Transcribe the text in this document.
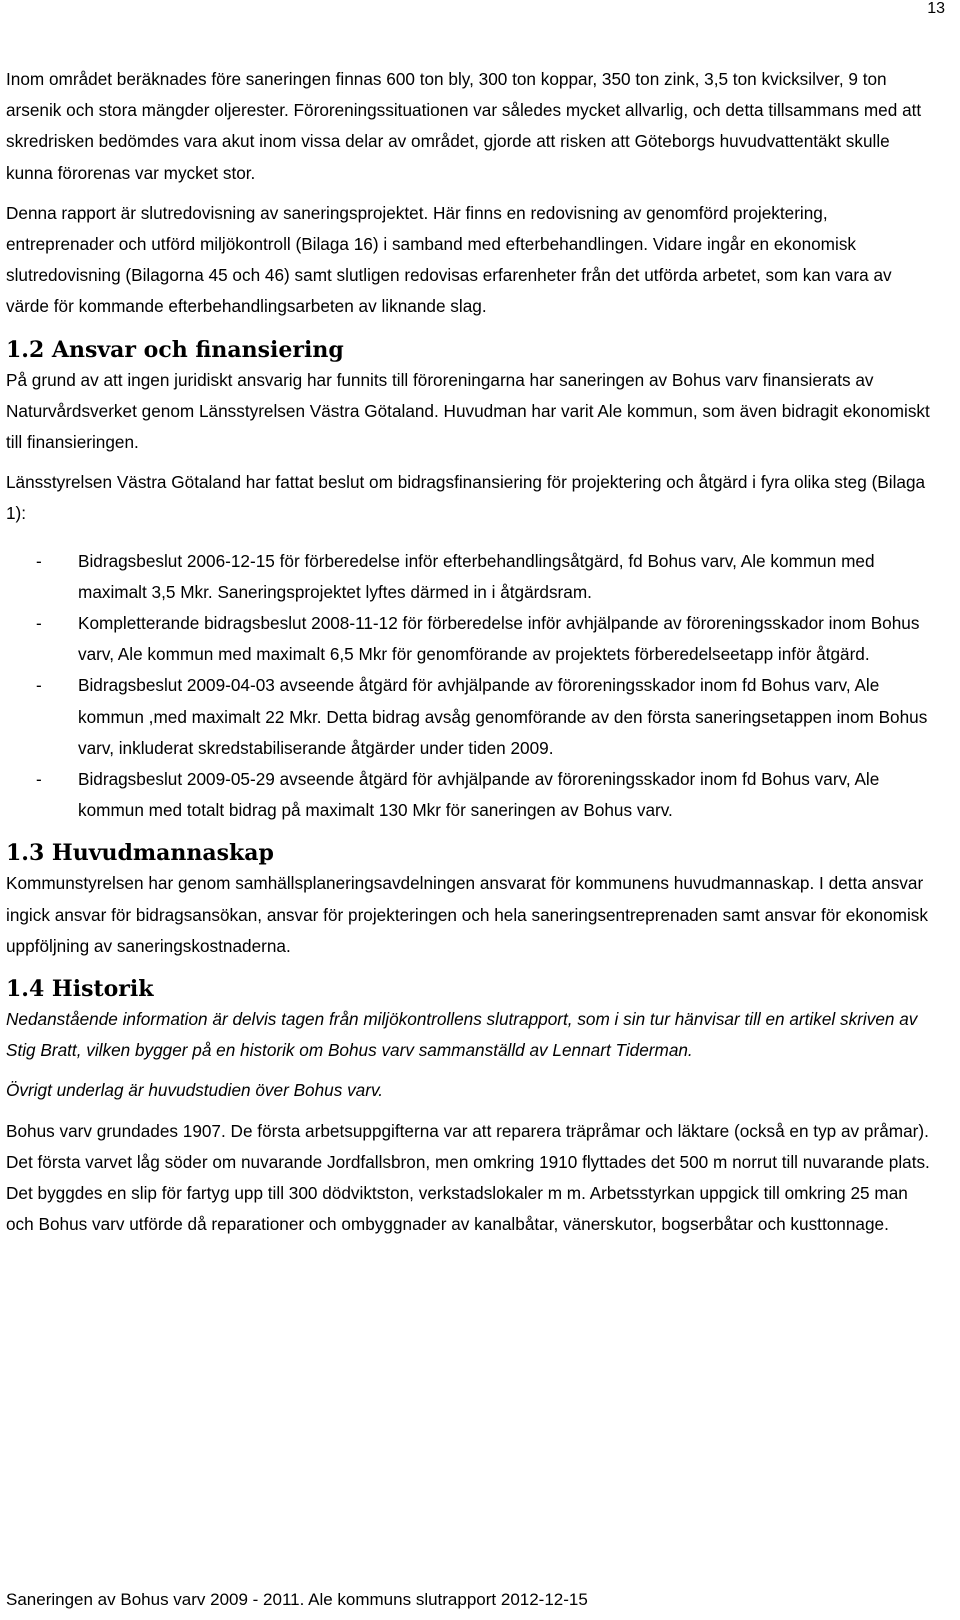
13

Inom området beräknades före saneringen finnas 600 ton bly, 300 ton koppar, 350 ton zink, 3,5 ton kvicksilver, 9 ton arsenik och stora mängder oljerester. Föroreningssituationen var således mycket allvarlig, och detta tillsammans med att skredrisken bedömdes vara akut inom vissa delar av området, gjorde att risken att Göteborgs huvudvattentäkt skulle kunna förorenas var mycket stor.

Denna rapport är slutredovisning av saneringsprojektet. Här finns en redovisning av genomförd projektering, entreprenader och utförd miljökontroll (Bilaga 16) i samband med efterbehandlingen. Vidare ingår en ekonomisk slutredovisning (Bilagorna 45 och 46) samt slutligen redovisas erfarenheter från det utförda arbetet, som kan vara av värde för kommande efterbehandlingsarbeten av liknande slag.

1.2 Ansvar och finansiering

På grund av att ingen juridiskt ansvarig har funnits till föroreningarna har saneringen av Bohus varv finansierats av Naturvårdsverket genom Länsstyrelsen Västra Götaland. Huvudman har varit Ale kommun, som även bidragit ekonomiskt till finansieringen.

Länsstyrelsen Västra Götaland har fattat beslut om bidragsfinansiering för projektering och åtgärd i fyra olika steg (Bilaga 1):

- Bidragsbeslut 2006-12-15 för förberedelse inför efterbehandlingsåtgärd, fd Bohus varv, Ale kommun med maximalt 3,5 Mkr. Saneringsprojektet lyftes därmed in i åtgärdsram.
- Kompletterande bidragsbeslut 2008-11-12 för förberedelse inför avhjälpande av föroreningsskador inom Bohus varv, Ale kommun med maximalt 6,5 Mkr för genomförande av projektets förberedelseetapp inför åtgärd.
- Bidragsbeslut 2009-04-03 avseende åtgärd för avhjälpande av föroreningsskador inom fd Bohus varv, Ale kommun ,med maximalt 22 Mkr. Detta bidrag avsåg genomförande av den första saneringsetappen inom Bohus varv, inkluderat skredstabiliserande åtgärder under tiden 2009.
- Bidragsbeslut 2009-05-29 avseende åtgärd för avhjälpande av föroreningsskador inom fd Bohus varv, Ale kommun med totalt bidrag på maximalt 130 Mkr för saneringen av Bohus varv.
1.3 Huvudmannaskap

Kommunstyrelsen har genom samhällsplaneringsavdelningen ansvarat för kommunens huvudmannaskap. I detta ansvar ingick ansvar för bidragsansökan, ansvar för projekteringen och hela saneringsentreprenaden samt ansvar för ekonomisk uppföljning av saneringskostnaderna.

1.4 Historik

Nedanstående information är delvis tagen från miljökontrollens slutrapport, som i sin tur hänvisar till en artikel skriven av Stig Bratt, vilken bygger på en historik om Bohus varv sammanställd av Lennart Tiderman.

Övrigt underlag är huvudstudien över Bohus varv.

Bohus varv grundades 1907. De första arbetsuppgifterna var att reparera träpråmar och läktare (också en typ av pråmar). Det första varvet låg söder om nuvarande Jordfallsbron, men omkring 1910 flyttades det 500 m norrut till nuvarande plats. Det byggdes en slip för fartyg upp till 300 dödviktston, verkstadslokaler m m. Arbetsstyrkan uppgick till omkring 25 man och Bohus varv utförde då reparationer och ombyggnader av kanalbåtar, vänerskutor, bogserbåtar och kusttonnage.

Saneringen av Bohus varv 2009 - 2011. Ale kommuns slutrapport 2012-12-15
